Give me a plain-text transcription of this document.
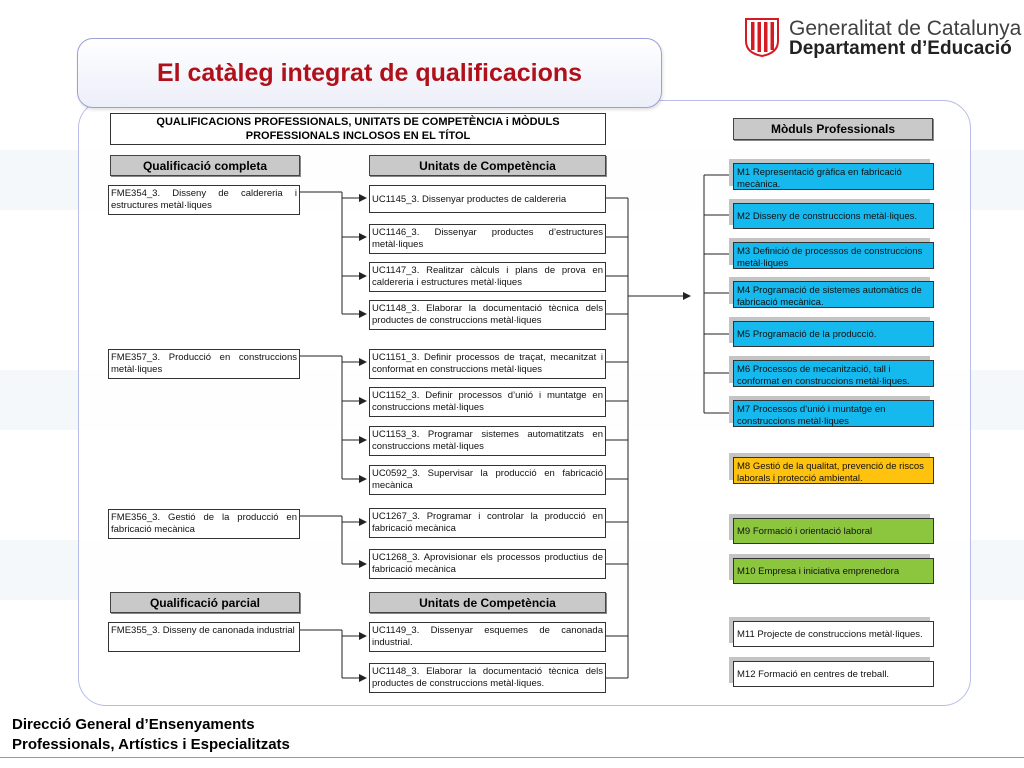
Generalitat de Catalunya
Departament d’Educació
El catàleg integrat de qualificacions
QUALIFICACIONS PROFESSIONALS, UNITATS DE COMPETÈNCIA i MÒDULS PROFESSIONALS INCLOSOS EN EL TÍTOL
Qualificació completa	Unitats de Competència
Mòduls Professionals
Qualificació parcial	Unitats de Competència
FME354_3. Disseny de caldereria i estructures metàl·liques
FME357_3. Producció en construccions metàl·liques
FME356_3. Gestió de la producció en fabricació mecànica
FME355_3. Disseny de canonada industrial
UC1145_3. Dissenyar productes de caldereria
UC1146_3. Dissenyar productes d’estructures metàl·liques
UC1147_3. Realitzar càlculs i plans de prova en caldereria i estructures metàl·liques
UC1148_3. Elaborar la documentació tècnica dels productes de construccions metàl·liques
UC1151_3. Definir processos de traçat, mecanitzat i conformat en construccions metàl·liques
UC1152_3. Definir processos d’unió i muntatge en construccions metàl·liques
UC1153_3. Programar sistemes automatitzats en construccions metàl·liques
UC0592_3. Supervisar la producció en fabricació mecànica
UC1267_3. Programar i controlar la producció en fabricació mecànica
UC1268_3. Aprovisionar els processos productius de fabricació mecànica
UC1149_3. Dissenyar esquemes de canonada industrial.
UC1148_3. Elaborar la documentació tècnica dels productes de construccions metàl·liques.
M1 Representació gràfica en fabricació mecànica.
M2 Disseny de construccions metàl·liques.
M3 Definició de processos de construccions metàl·liques
M4 Programació de sistemes automàtics de fabricació mecànica.
M5 Programació de la producció.
M6 Processos de mecanització, tall i conformat en construccions metàl·liques.
M7 Processos d’unió i muntatge en construccions metàl·liques
M8 Gestió de la qualitat, prevenció de riscos laborals i protecció ambiental.
M9 Formació i orientació laboral
M10 Empresa i iniciativa emprenedora
M11 Projecte de construccions metàl·liques.
M12 Formació en centres de treball.
Direcció General d’Ensenyaments
Professionals, Artístics i Especialitzats
